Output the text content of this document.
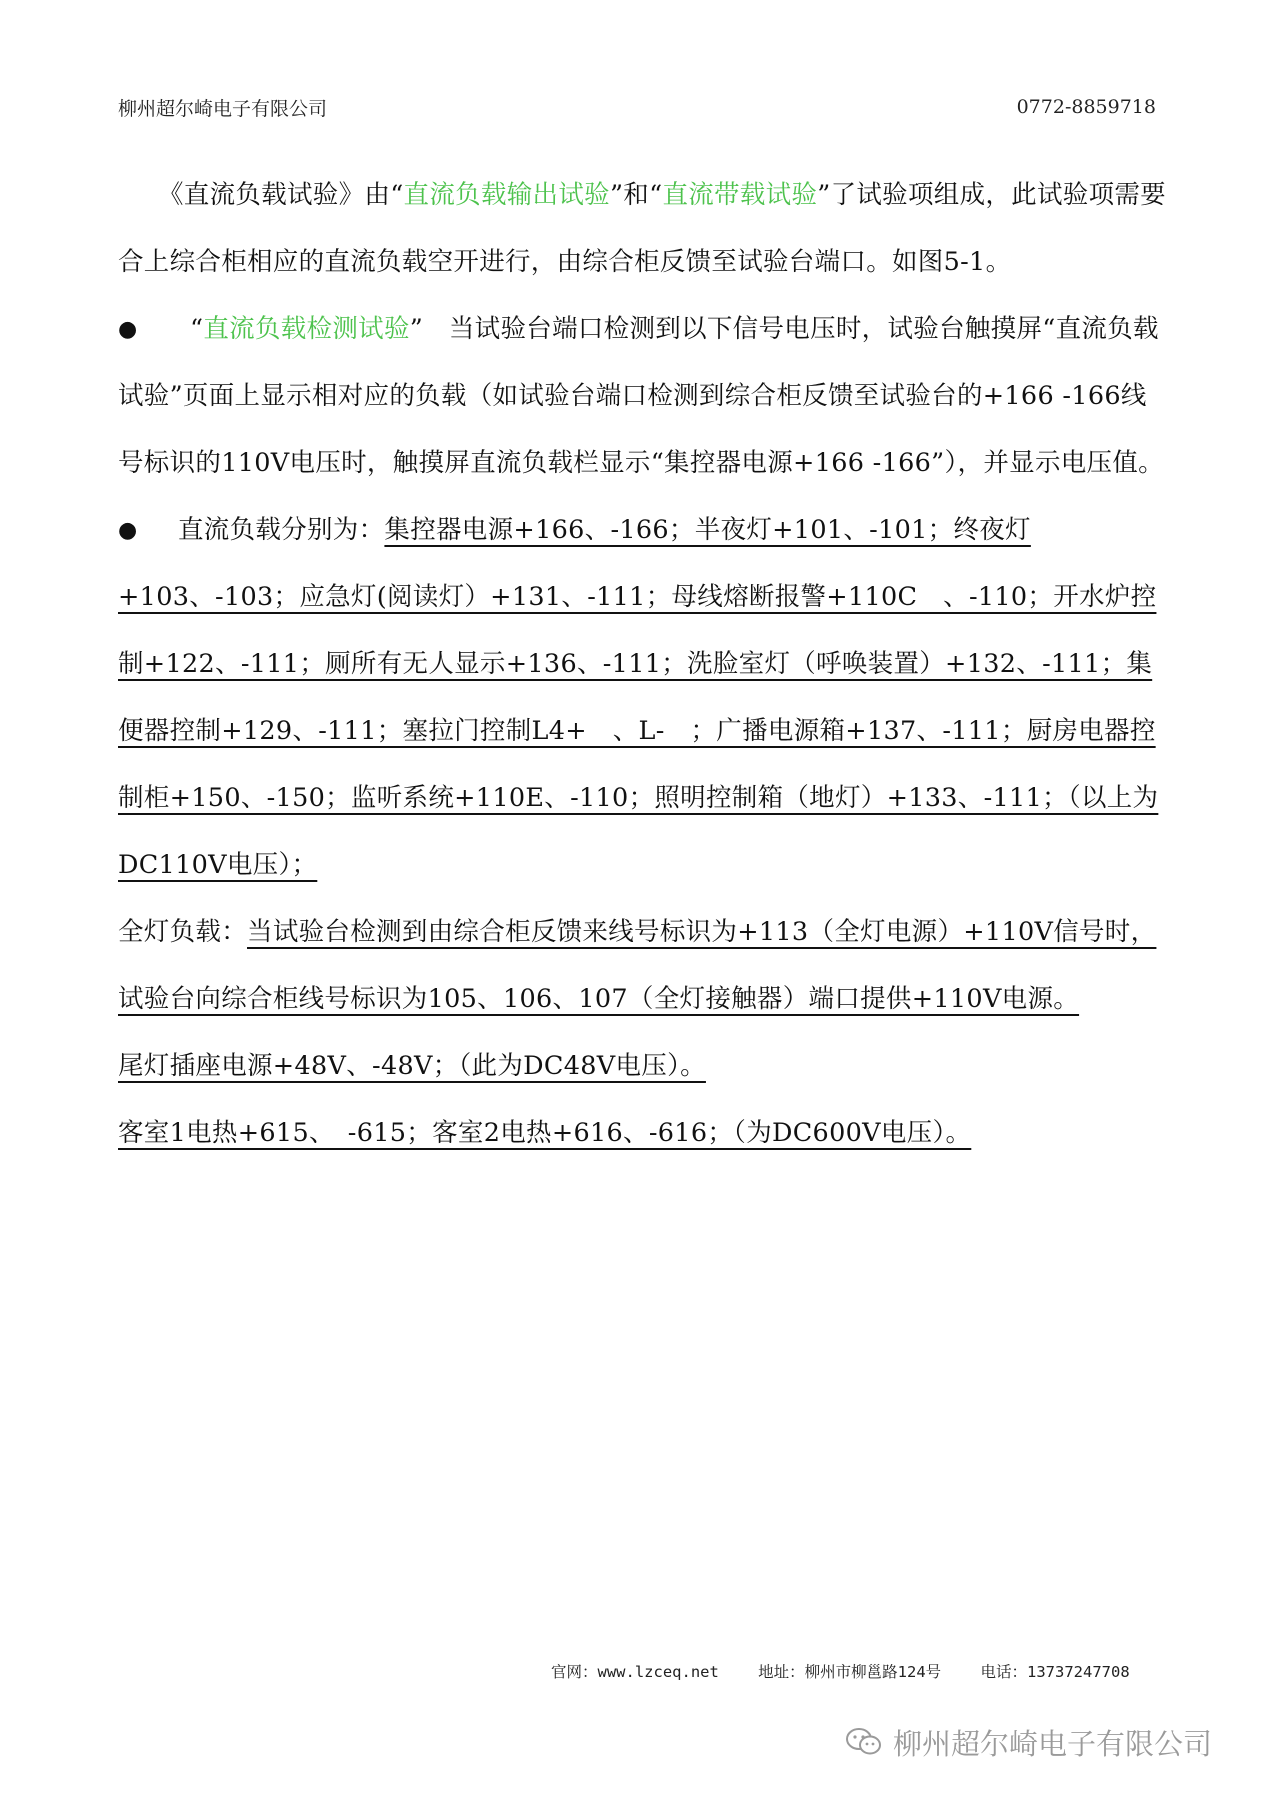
柳州超尔崎电子有限公司	0772-8859718

《直流负载试验》由“直流负载输出试验”和“直流带载试验”了试验项组成，此试验项需要合上综合柜相应的直流负载空开进行，由综合柜反馈至试验台端口。如图5-1。

● “直流负载检测试验”　当试验台端口检测到以下信号电压时，试验台触摸屏“直流负载试验”页面上显示相对应的负载（如试验台端口检测到综合柜反馈至试验台的+166 -166线号标识的110V电压时，触摸屏直流负载栏显示“集控器电源+166 -166”），并显示电压值。

● 直流负载分别为：集控器电源+166、-166；半夜灯+101、-101；终夜灯+103、-103；应急灯(阅读灯）+131、-111；母线熔断报警+110C　、-110；开水炉控制+122、-111；厕所有无人显示+136、-111；洗脸室灯（呼唤装置）+132、-111；集便器控制+129、-111；塞拉门控制L4+　、L-　；广播电源箱+137、-111；厨房电器控制柜+150、-150；监听系统+110E、-110；照明控制箱（地灯）+133、-111；（以上为DC110V电压）；

全灯负载：当试验台检测到由综合柜反馈来线号标识为+113（全灯电源）+110V信号时，试验台向综合柜线号标识为105、106、107（全灯接触器）端口提供+110V电源。

尾灯插座电源+48V、-48V；（此为DC48V电压）。

客室1电热+615、　-615；客室2电热+616、-616；（为DC600V电压）。

官网：www.lzceq.net	地址：柳州市柳邕路124号	电话：13737247708
柳州超尔崎电子有限公司
